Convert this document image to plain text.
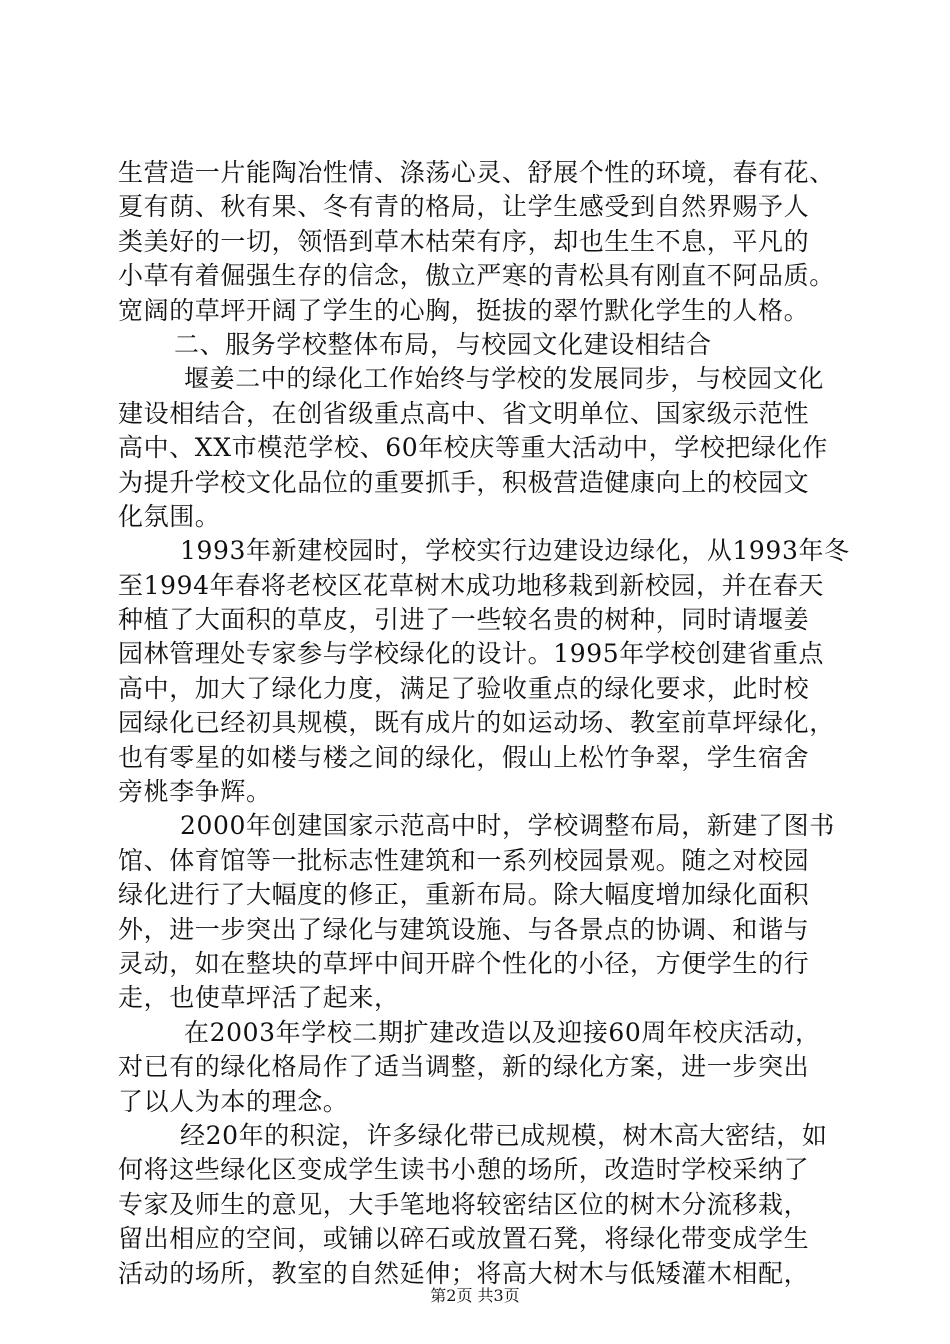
生营造一片能陶冶性情、涤荡心灵、舒展个性的环境，春有花、
夏有荫、秋有果、冬有青的格局，让学生感受到自然界赐予人
类美好的一切，领悟到草木枯荣有序，却也生生不息，平凡的
小草有着倔强生存的信念，傲立严寒的青松具有刚直不阿品质。
宽阔的草坪开阔了学生的心胸，挺拔的翠竹默化学生的人格。
二、服务学校整体布局，与校园文化建设相结合
堰姜二中的绿化工作始终与学校的发展同步，与校园文化
建设相结合，在创省级重点高中、省文明单位、国家级示范性
高中、XX市模范学校、60年校庆等重大活动中，学校把绿化作
为提升学校文化品位的重要抓手，积极营造健康向上的校园文
化氛围。
1993年新建校园时，学校实行边建设边绿化，从1993年冬
至1994年春将老校区花草树木成功地移栽到新校园，并在春天
种植了大面积的草皮，引进了一些较名贵的树种，同时请堰姜
园林管理处专家参与学校绿化的设计。1995年学校创建省重点
高中，加大了绿化力度，满足了验收重点的绿化要求，此时校
园绿化已经初具规模，既有成片的如运动场、教室前草坪绿化，
也有零星的如楼与楼之间的绿化，假山上松竹争翠，学生宿舍
旁桃李争辉。
2000年创建国家示范高中时，学校调整布局，新建了图书
馆、体育馆等一批标志性建筑和一系列校园景观。随之对校园
绿化进行了大幅度的修正，重新布局。除大幅度增加绿化面积
外，进一步突出了绿化与建筑设施、与各景点的协调、和谐与
灵动，如在整块的草坪中间开辟个性化的小径，方便学生的行
走，也使草坪活了起来，
在2003年学校二期扩建改造以及迎接60周年校庆活动，
对已有的绿化格局作了适当调整，新的绿化方案，进一步突出
了以人为本的理念。
经20年的积淀，许多绿化带已成规模，树木高大密结，如
何将这些绿化区变成学生读书小憩的场所，改造时学校采纳了
专家及师生的意见，大手笔地将较密结区位的树木分流移栽，
留出相应的空间，或铺以碎石或放置石凳，将绿化带变成学生
活动的场所，教室的自然延伸；将高大树木与低矮灌木相配，
第2页 共3页
